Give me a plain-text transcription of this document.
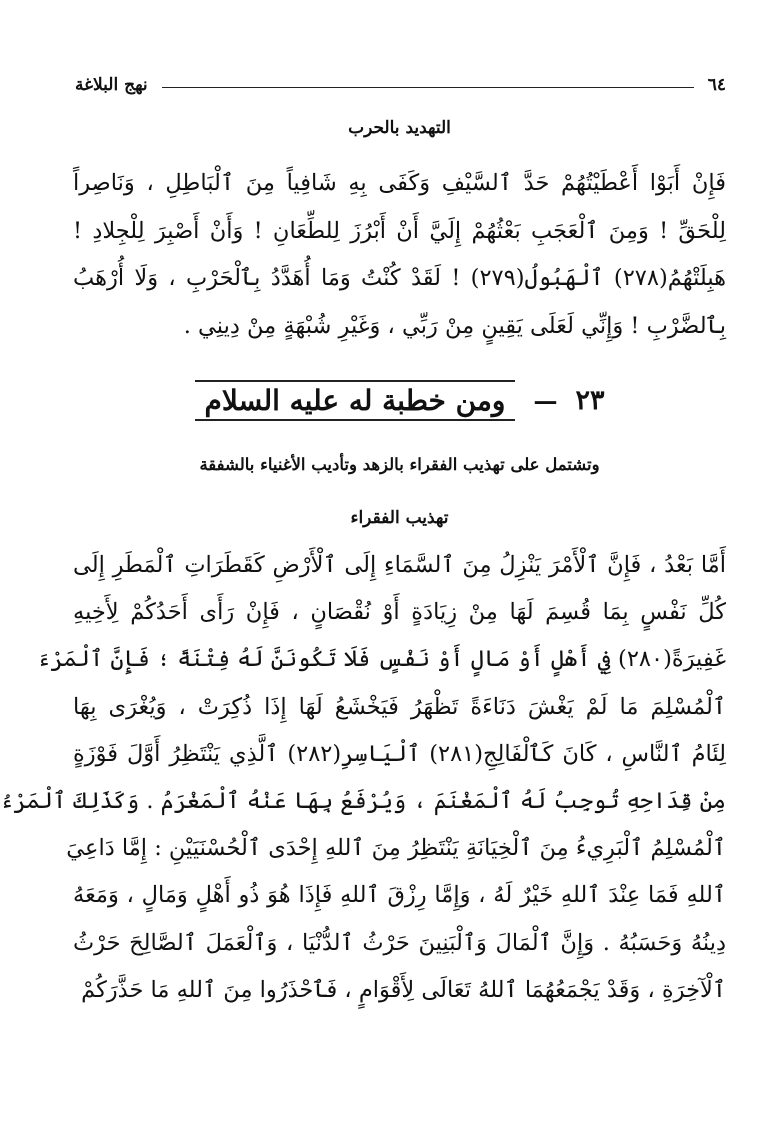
٦٤
نهج البلاغة

التهديد بالحرب

فَإِنْ أَبَوْا أَعْطَيْتُهُمْ حَدَّ ٱلسَّيْفِ وَكَفَى بِهِ شَافِياً مِنَ ٱلْبَاطِلِ ، وَنَاصِراً
لِلْحَقِّ ! وَمِنَ ٱلْعَجَبِ بَعْثُهُمْ إِلَيَّ أَنْ أَبْرُزَ لِلطِّعَانِ ! وَأَنْ أَصْبِرَ لِلْجِلادِ !
هَبِلَتْهُمُ(٢٧٨) ٱلْهَبُولُ(٢٧٩) ! لَقَدْ كُنْتُ وَمَا أُهَدَّدُ بِٱلْحَرْبِ ، وَلَا أُرْهَبُ
بِٱلضَّرْبِ ! وَإِنِّي لَعَلَى يَقِينٍ مِنْ رَبِّي ، وَغَيْرِ شُبْهَةٍ مِنْ دِينِي .
٢٣
—
ومن خطبة له عليه السلام

وتشتمل على تهذيب الفقراء بالزهد وتأديب الأغنياء بالشفقة

تهذيب الفقراء

أَمَّا بَعْدُ ، فَإِنَّ ٱلْأَمْرَ يَنْزِلُ مِنَ ٱلسَّمَاءِ إِلَى ٱلْأَرْضِ كَقَطَرَاتِ ٱلْمَطَرِ إِلَى
كُلِّ نَفْسٍ بِمَا قُسِمَ لَهَا مِنْ زِيَادَةٍ أَوْ نُقْصَانٍ ، فَإِنْ رَأَى أَحَدُكُمْ لِأَخِيهِ
غَفِيرَةً(٢٨٠) فِي أَهْلٍ أَوْ مَالٍ أَوْ نَفْسٍ فَلَا تَكُونَنَّ لَهُ فِتْنَةً ؛ فَإِنَّ ٱلْمَرْءَ
ٱلْمُسْلِمَ مَا لَمْ يَغْشَ دَنَاءَةً تَظْهَرُ فَيَخْشَعُ لَهَا إِذَا ذُكِرَتْ ، وَيُغْرَى بِهَا
لِئَامُ ٱلنَّاسِ ، كَانَ كَٱلْفَالِجِ(٢٨١) ٱلْيَاسِرِ(٢٨٢) ٱلَّذِي يَنْتَظِرُ أَوَّلَ فَوْزَةٍ
مِنْ قِدَاحِهِ تُوجِبُ لَهُ ٱلْمَغْنَمَ ، وَيُرْفَعُ بِهَا عَنْهُ ٱلْمَغْرَمُ . وَكَذَلِكَ ٱلْمَرْءُ
ٱلْمُسْلِمُ ٱلْبَرِيءُ مِنَ ٱلْخِيَانَةِ يَنْتَظِرُ مِنَ ٱللهِ إِحْدَى ٱلْحُسْنَيَيْنِ : إِمَّا دَاعِيَ
ٱللهِ فَمَا عِنْدَ ٱللهِ خَيْرٌ لَهُ ، وَإِمَّا رِزْقَ ٱللهِ فَإِذَا هُوَ ذُو أَهْلٍ وَمَالٍ ، وَمَعَهُ
دِينُهُ وَحَسَبُهُ . وَإِنَّ ٱلْمَالَ وَٱلْبَنِينَ حَرْثُ ٱلدُّنْيَا ، وَٱلْعَمَلَ ٱلصَّالِحَ حَرْثُ
ٱلْآخِرَةِ ، وَقَدْ يَجْمَعُهُمَا ٱللهُ تَعَالَى لِأَقْوَامٍ ، فَٱحْذَرُوا مِنَ ٱللهِ مَا حَذَّرَكُمْ
